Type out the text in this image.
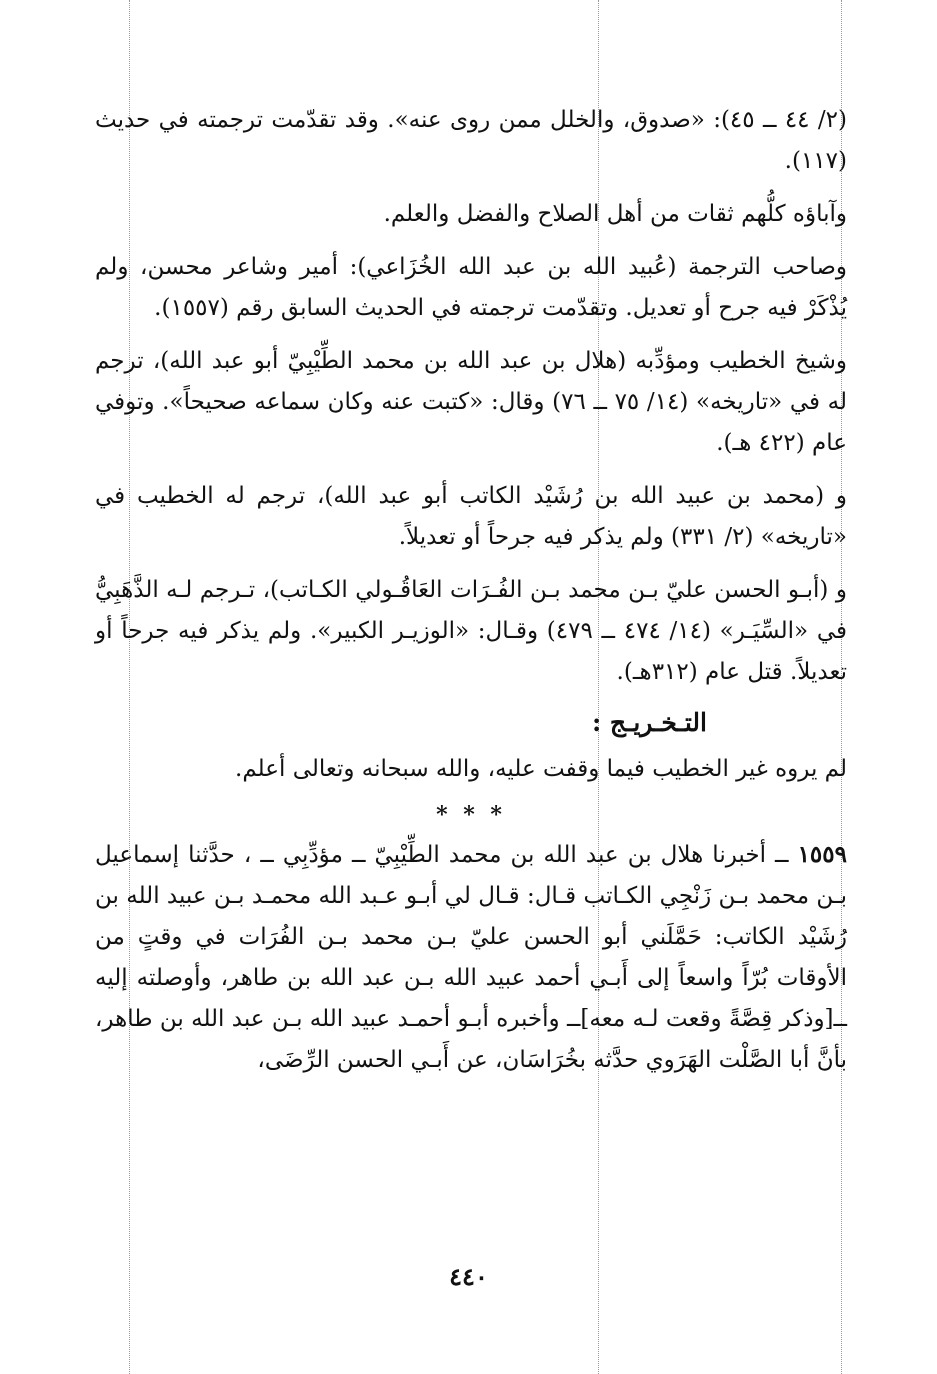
(٢/ ٤٤ ــ ٤٥): «صدوق، والخلل ممن روى عنه». وقد تقدّمت ترجمته في حديث (١١٧).

وآباؤه كلُّهم ثقات من أهل الصلاح والفضل والعلم.

وصاحب الترجمة (عُبيد الله بن عبد الله الخُزَاعي): أمير وشاعر محسن، ولم يُذْكَرْ فيه جرح أو تعديل. وتقدّمت ترجمته في الحديث السابق رقم (١٥٥٧).

وشيخ الخطيب ومؤدِّبه (هلال بن عبد الله بن محمد الطِّيْبِيّ أبو عبد الله)، ترجم له في «تاريخه» (١٤/ ٧٥ ــ ٧٦) وقال: «كتبت عنه وكان سماعه صحيحاً». وتوفي عام (٤٢٢ هـ).

و (محمد بن عبيد الله بن رُشَيْد الكاتب أبو عبد الله)، ترجم له الخطيب في «تاريخه» (٢/ ٣٣١) ولم يذكر فيه جرحاً أو تعديلاً.

و (أبـو الحسن عليّ بـن محمد بـن الفُـرَات العَاقُـولي الكـاتب)، تـرجم لـه الذَّهَبِيُّ في «السِّيَـر» (١٤/ ٤٧٤ ــ ٤٧٩) وقـال: «الوزيـر الكبير». ولم يذكر فيه جرحاً أو تعديلاً. قتل عام (٣١٢هـ).

التـخـريـج :

لم يروه غير الخطيب فيما وقفت عليه، والله سبحانه وتعالى أعلم.

* * *

١٥٥٩ ــ أخبرنا هلال بن عبد الله بن محمد الطِّيْبِيّ ــ مؤدِّبِي ــ ، حدَّثنا إسماعيل بـن محمد بـن زَنْجِي الكـاتب قـال: قـال لي أبـو عـبد الله محمـد بـن عبيد الله بن رُشَيْد الكاتب: حَمَّلَني أبو الحسن عليّ بـن محمد بـن الفُرَات في وقتٍ من الأوقات بُرّاً واسعاً إلى أَبـي أحمد عبيد الله بـن عبد الله بن طاهر، وأوصلته إليه ــ[وذكر قِصَّةً وقعت لـه معه]ــ وأخبره أبـو أحمـد عبيد الله بـن عبد الله بن طاهر، بأنَّ أبا الصَّلْت الهَرَوي حدَّثه بخُرَاسَان، عن أَبـي الحسن الرِّضَى،

٤٤٠
